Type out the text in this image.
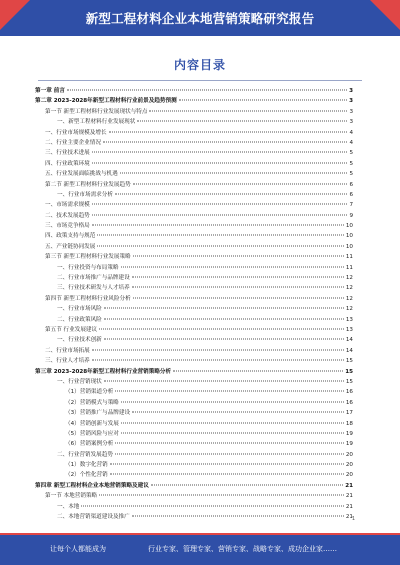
新型工程材料企业本地营销策略研究报告
内容目录
第一章 前言	3
第二章 2023-2028年新型工程材料行业前景及趋势预测	3
第一节 新型工程材料行业发展现状与特点	3
一、新型工程材料行业发展现状	3
一、行业市场规模及增长	4
二、行业主要企业情况	4
三、行业技术进展	5
四、行业政策环境	5
五、行业发展面临挑战与机遇	5
第二节 新型工程材料行业发展趋势	6
一、行业市场需求分析	6
一、市场需求规模	7
二、技术发展趋势	9
三、市场竞争格局	10
四、政策支持与规范	10
五、产业链协同发展	10
第三节 新型工程材料行业发展策略	11
一、行业投资与布局策略	11
二、行业市场推广与品牌建设	12
三、行业技术研发与人才培养	12
第四节 新型工程材料行业风险分析	12
一、行业市场风险	12
二、行业政策风险	13
第五节 行业发展建议	13
一、行业技术创新	14
二、行业市场拓展	14
三、行业人才培养	15
第三章 2023-2028年新型工程材料行业营销策略分析	15
一、行业营销现状	15
（1）营销渠道分析	16
（2）营销模式与策略	16
（3）营销推广与品牌建设	17
（4）营销创新与发展	18
（5）营销风险与应对	19
（6）营销案例分析	19
二、行业营销发展趋势	20
（1）数字化营销	20
（2）个性化营销	20
第四章 新型工程材料企业本地营销策略及建议	21
第一节 本地营销策略	21
一、本地	21
二、本地营销渠道建设及推广	21
1
让每个人都能成为	行业专家、管理专家、营销专家、战略专家、成功企业家……
